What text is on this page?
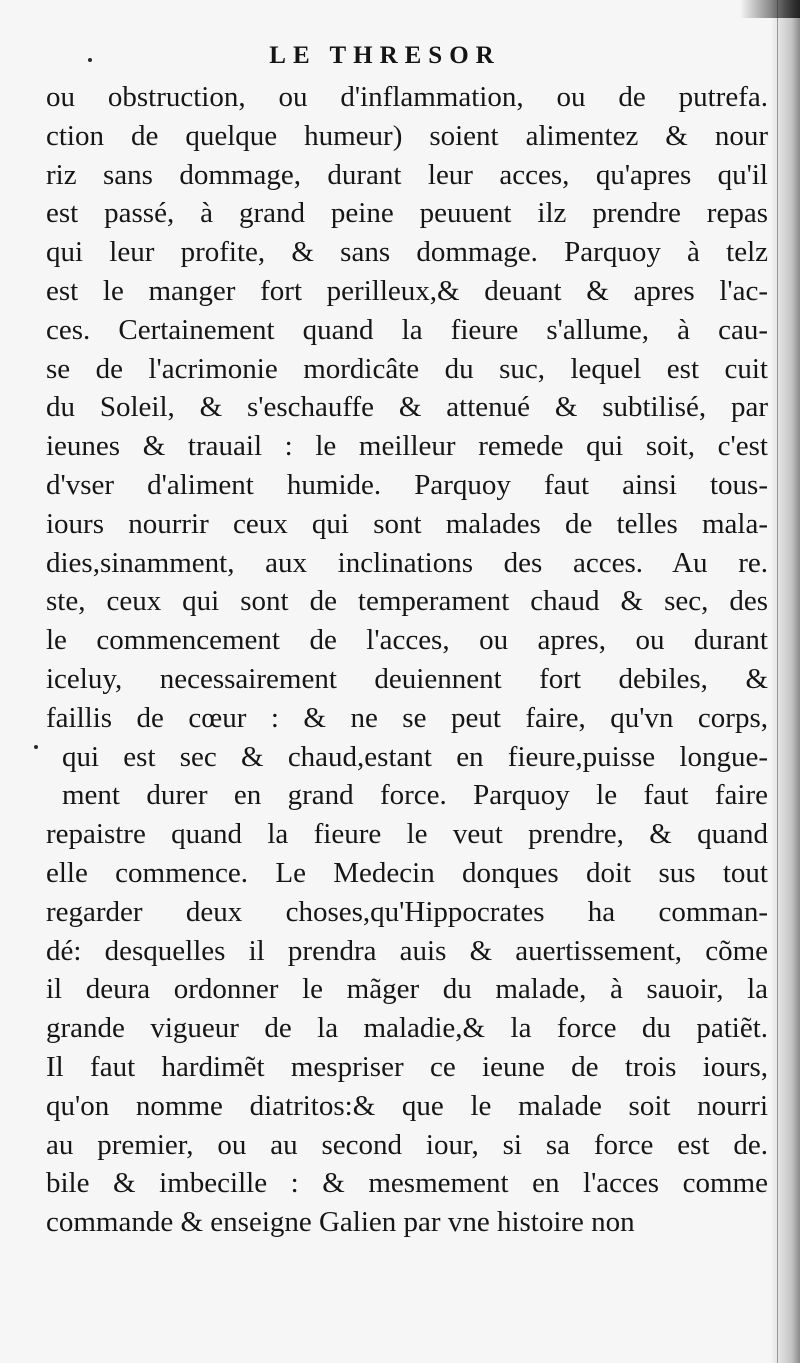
LE THRESOR
ou obstruction, ou d'inflammation, ou de putrefa.
ction de quelque humeur) soient alimentez & nour
riz sans dommage, durant leur acces, qu'apres qu'il
est passé, à grand peine peuuent ilz prendre repas
qui leur profite, & sans dommage. Parquoy à telz
est le manger fort perilleux,& deuant & apres l'ac-
ces. Certainement quand la fieure s'allume, à cau-
se de l'acrimonie mordicâte du suc, lequel est cuit
du Soleil, & s'eschauffe & attenué & subtilisé, par
ieunes & trauail : le meilleur remede qui soit, c'est
d'vser d'aliment humide. Parquoy faut ainsi tous-
iours nourrir ceux qui sont malades de telles mala-
dies,sinamment, aux inclinations des acces. Au re.
ste, ceux qui sont de temperament chaud & sec, des
le commencement de l'acces, ou apres, ou durant
iceluy, necessairement deuiennent fort debiles, &
faillis de cœur : & ne se peut faire, qu'vn corps,
qui est sec & chaud,estant en fieure,puisse longue-
ment durer en grand force. Parquoy le faut faire
repaistre quand la fieure le veut prendre, & quand
elle commence. Le Medecin donques doit sus tout
regarder deux choses,qu'Hippocrates ha comman-
dé: desquelles il prendra auis & auertissement, cõme
il deura ordonner le mãger du malade, à sauoir, la
grande vigueur de la maladie,& la force du patiẽt.
Il faut hardimẽt mespriser ce ieune de trois iours,
qu'on nomme diatritos:& que le malade soit nourri
au premier, ou au second iour, si sa force est de.
bile & imbecille : & mesmement en l'acces comme
commande & enseigne Galien par vne histoire non
